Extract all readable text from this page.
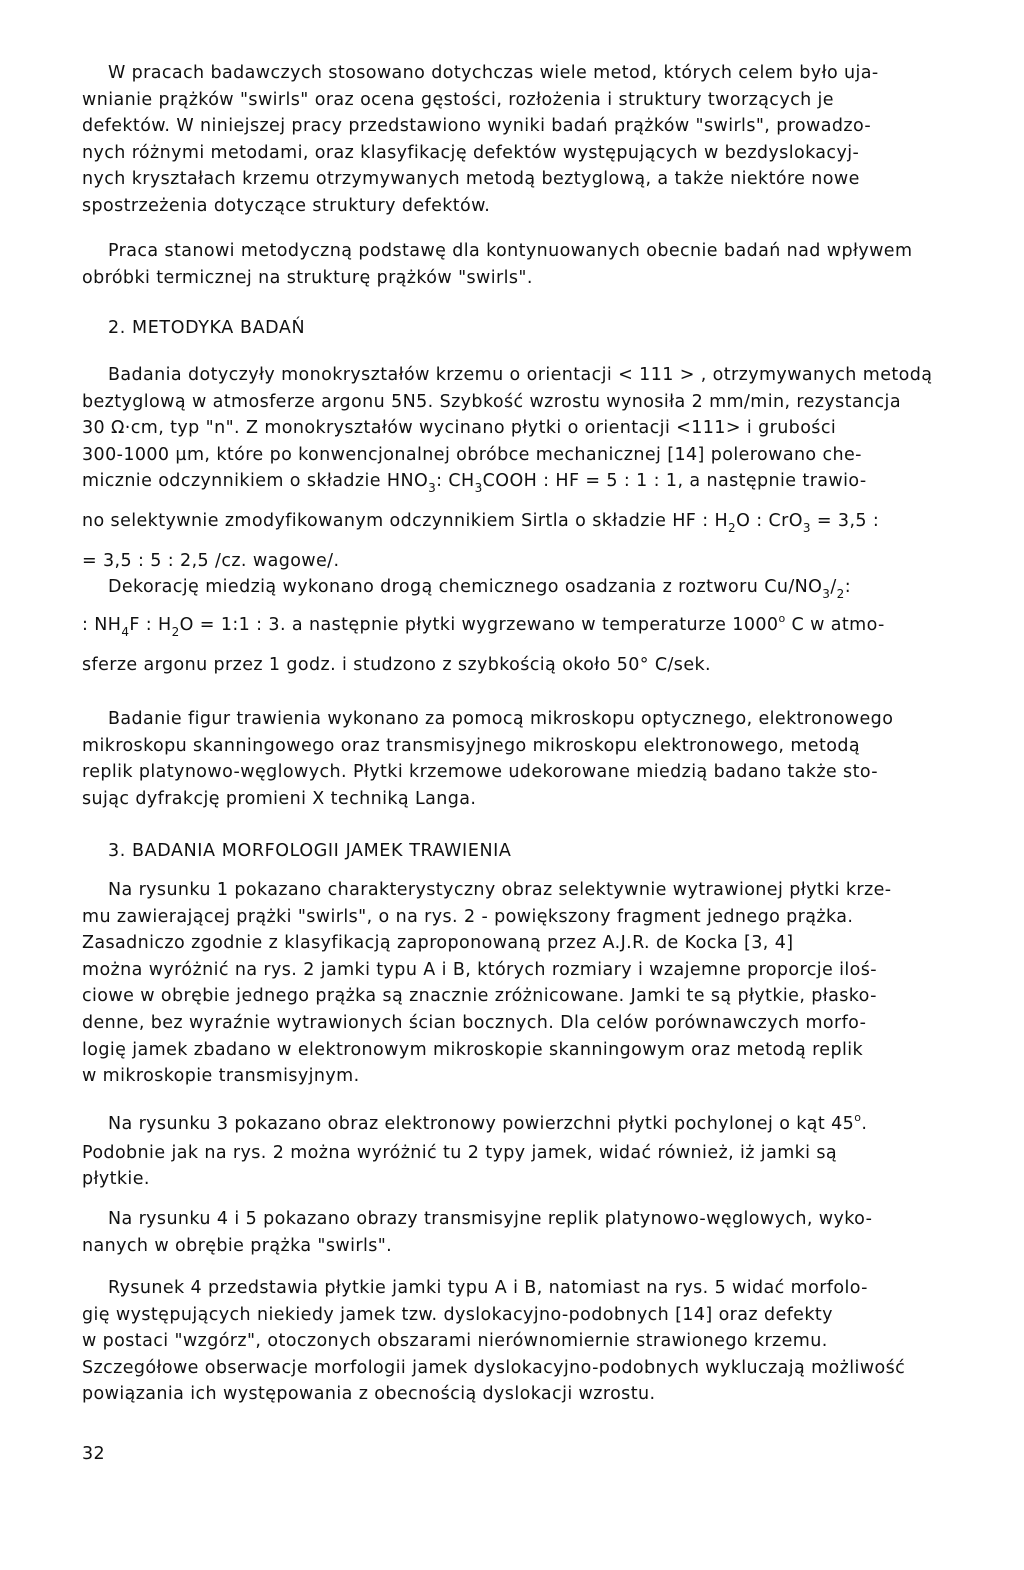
W pracach badawczych stosowano dotychczas wiele metod, których celem było uja-
wnianie prążków "swirls" oraz ocena gęstości, rozłożenia i struktury tworzących je
defektów. W niniejszej pracy przedstawiono wyniki badań prążków "swirls", prowadzo-
nych różnymi metodami, oraz klasyfikację defektów występujących w bezdyslokacyj-
nych kryształach krzemu otrzymywanych metodą beztyglową, a także niektóre nowe
spostrzeżenia dotyczące struktury defektów.
Praca stanowi metodyczną podstawę dla kontynuowanych obecnie badań nad wpływem
obróbki termicznej na strukturę prążków "swirls".
2. METODYKA BADAŃ
Badania dotyczyły monokryształów krzemu o orientacji < 111 > , otrzymywanych metodą
beztyglową w atmosferze argonu 5N5. Szybkość wzrostu wynosiła 2 mm/min, rezystancja
30 Ω·cm, typ "n". Z monokryształów wycinano płytki o orientacji <111> i grubości
300-1000 µm, które po konwencjonalnej obróbce mechanicznej [14] polerowano che-
micznie odczynnikiem o składzie $HNO_3$: $CH_3COOH$ : HF = 5 : 1 : 1, a następnie trawio-
no selektywnie zmodyfikowanym odczynnikiem Sirtla o składzie HF : $H_2O$ : CrO$_3$ = 3,5 :
= 3,5 : 5 : 2,5 /cz. wagowe/.
Dekorację miedzią wykonano drogą chemicznego osadzania z roztworu $Cu/NO_3/_2$:
: $NH_4F$ : $H_2O$ = 1:1 : 3. a następnie płytki wygrzewano w temperaturze 1000$^o$ C w atmo-
sferze argonu przez 1 godz. i studzono z szybkością około 50° C/sek.
Badanie figur trawienia wykonano za pomocą mikroskopu optycznego, elektronowego
mikroskopu skanningowego oraz transmisyjnego mikroskopu elektronowego, metodą
replik platynowo-węglowych. Płytki krzemowe udekorowane miedzią badano także sto-
sując dyfrakcję promieni X techniką Langa.
3. BADANIA MORFOLOGII JAMEK TRAWIENIA
Na rysunku 1 pokazano charakterystyczny obraz selektywnie wytrawionej płytki krze-
mu zawierającej prążki "swirls", o na rys. 2 - powiększony fragment jednego prążka.
Zasadniczo zgodnie z klasyfikacją zaproponowaną przez A.J.R. de Kocka [3, 4]
można wyróżnić na rys. 2 jamki typu A i B, których rozmiary i wzajemne proporcje iloś-
ciowe w obrębie jednego prążka są znacznie zróżnicowane. Jamki te są płytkie, płasko-
denne, bez wyraźnie wytrawionych ścian bocznych. Dla celów porównawczych morfo-
logię jamek zbadano w elektronowym mikroskopie skanningowym oraz metodą replik
w mikroskopie transmisyjnym.
Na rysunku 3 pokazano obraz elektronowy powierzchni płytki pochylonej o kąt 45$^o$.
Podobnie jak na rys. 2 można wyróżnić tu 2 typy jamek, widać również, iż jamki są
płytkie.
Na rysunku 4 i 5 pokazano obrazy transmisyjne replik platynowo-węglowych, wyko-
nanych w obrębie prążka "swirls".
Rysunek 4 przedstawia płytkie jamki typu A i B, natomiast na rys. 5 widać morfolo-
gię występujących niekiedy jamek tzw. dyslokacyjno-podobnych [14] oraz defekty
w postaci "wzgórz", otoczonych obszarami nierównomiernie strawionego krzemu.
Szczegółowe obserwacje morfologii jamek dyslokacyjno-podobnych wykluczają możliwość
powiązania ich występowania z obecnością dyslokacji wzrostu.
32
